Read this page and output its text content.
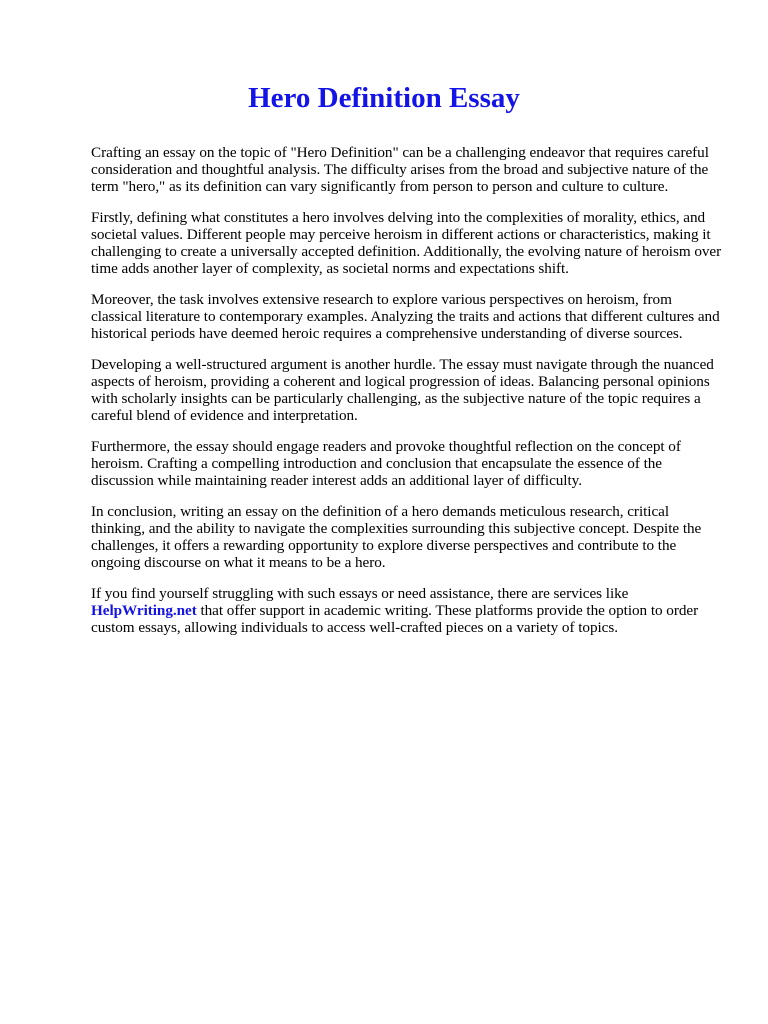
Hero Definition Essay

Crafting an essay on the topic of "Hero Definition" can be a challenging endeavor that requires careful consideration and thoughtful analysis. The difficulty arises from the broad and subjective nature of the term "hero," as its definition can vary significantly from person to person and culture to culture.

Firstly, defining what constitutes a hero involves delving into the complexities of morality, ethics, and societal values. Different people may perceive heroism in different actions or characteristics, making it challenging to create a universally accepted definition. Additionally, the evolving nature of heroism over time adds another layer of complexity, as societal norms and expectations shift.

Moreover, the task involves extensive research to explore various perspectives on heroism, from classical literature to contemporary examples. Analyzing the traits and actions that different cultures and historical periods have deemed heroic requires a comprehensive understanding of diverse sources.

Developing a well-structured argument is another hurdle. The essay must navigate through the nuanced aspects of heroism, providing a coherent and logical progression of ideas. Balancing personal opinions with scholarly insights can be particularly challenging, as the subjective nature of the topic requires a careful blend of evidence and interpretation.

Furthermore, the essay should engage readers and provoke thoughtful reflection on the concept of heroism. Crafting a compelling introduction and conclusion that encapsulate the essence of the discussion while maintaining reader interest adds an additional layer of difficulty.

In conclusion, writing an essay on the definition of a hero demands meticulous research, critical thinking, and the ability to navigate the complexities surrounding this subjective concept. Despite the challenges, it offers a rewarding opportunity to explore diverse perspectives and contribute to the ongoing discourse on what it means to be a hero.

If you find yourself struggling with such essays or need assistance, there are services like HelpWriting.net that offer support in academic writing. These platforms provide the option to order custom essays, allowing individuals to access well-crafted pieces on a variety of topics.
